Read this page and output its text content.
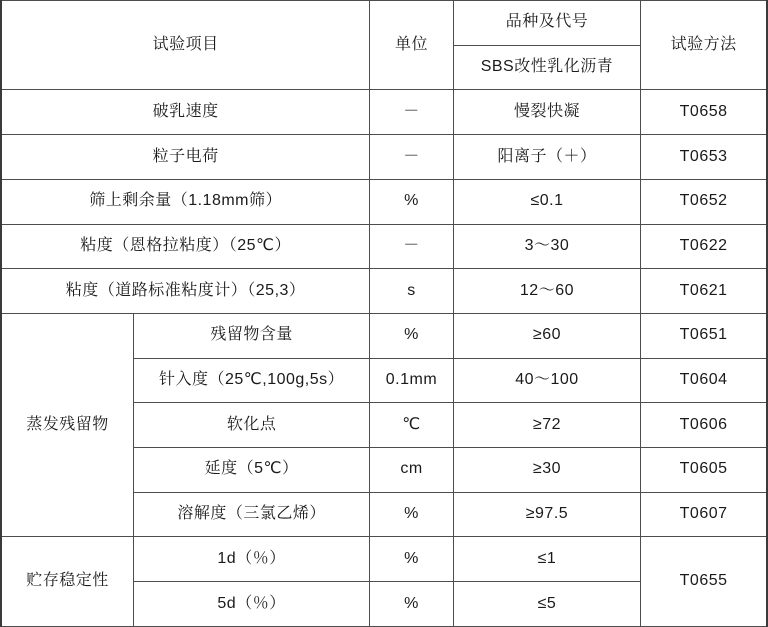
试验项目		单位	品种及代号	试验方法
			SBS改性乳化沥青	
破乳速度		－	慢裂快凝	T0658
粒子电荷		－	阳离子（＋）	T0653
筛上剩余量（1.18mm筛）		%	≤0.1	T0652
粘度（恩格拉粘度）（25℃）		－	3～30	T0622
粘度（道路标准粘度计）（25,3）		s	12～60	T0621
蒸发残留物	残留物含量	%	≥60	T0651
	针入度（25℃,100g,5s）	0.1mm	40～100	T0604
	软化点	℃	≥72	T0606
	延度（5℃）	cm	≥30	T0605
	溶解度（三氯乙烯）	%	≥97.5	T0607
贮存稳定性	1d（％）	%	≤1	T0655
	5d（％）	%	≤5	
